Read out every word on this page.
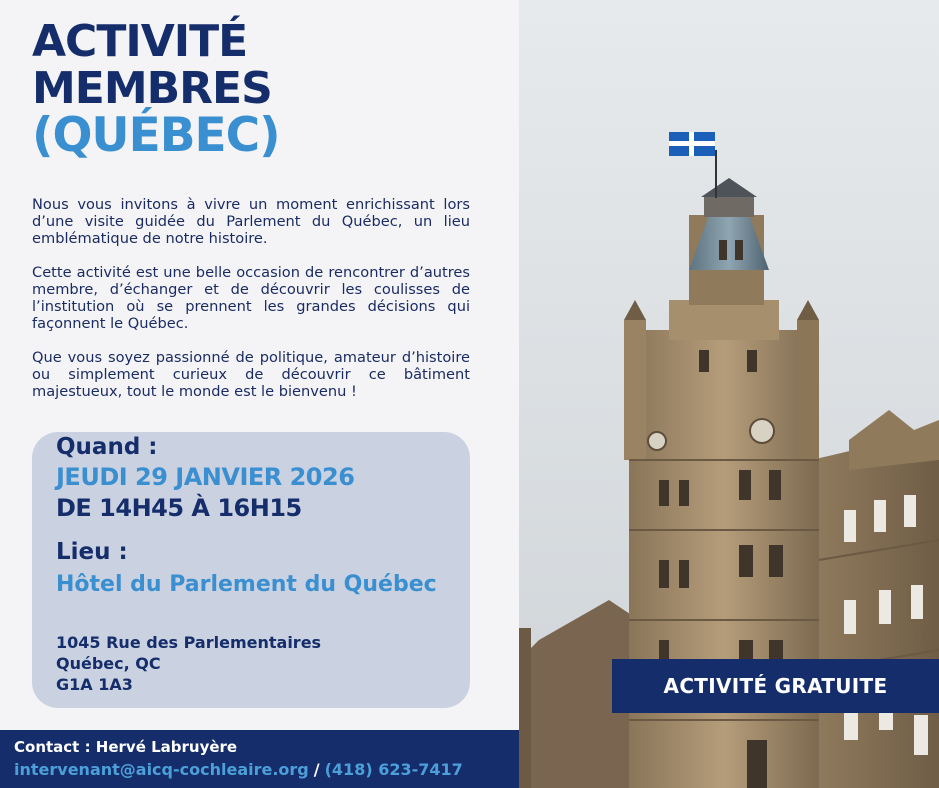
ACTIVITÉ
MEMBRES
(QUÉBEC)

Nous vous invitons à vivre un moment enrichissant lors d’une visite guidée du Parlement du Québec, un lieu emblématique de notre histoire.

Cette activité est une belle occasion de rencontrer d’autres membre, d’échanger et de découvrir les coulisses de l’institution où se prennent les grandes décisions qui façonnent le Québec.

Que vous soyez passionné de politique, amateur d’histoire ou simplement curieux de découvrir ce bâtiment majestueux, tout le monde est le bienvenu !

Quand :
JEUDI 29 JANVIER 2026
DE 14H45 À 16H15
Lieu :
Hôtel du Parlement du Québec
1045 Rue des Parlementaires
Québec, QC
G1A 1A3
Contact : Hervé Labruyère
intervenant@aicq-cochleaire.org / (418) 623-7417
ACTIVITÉ GRATUITE
